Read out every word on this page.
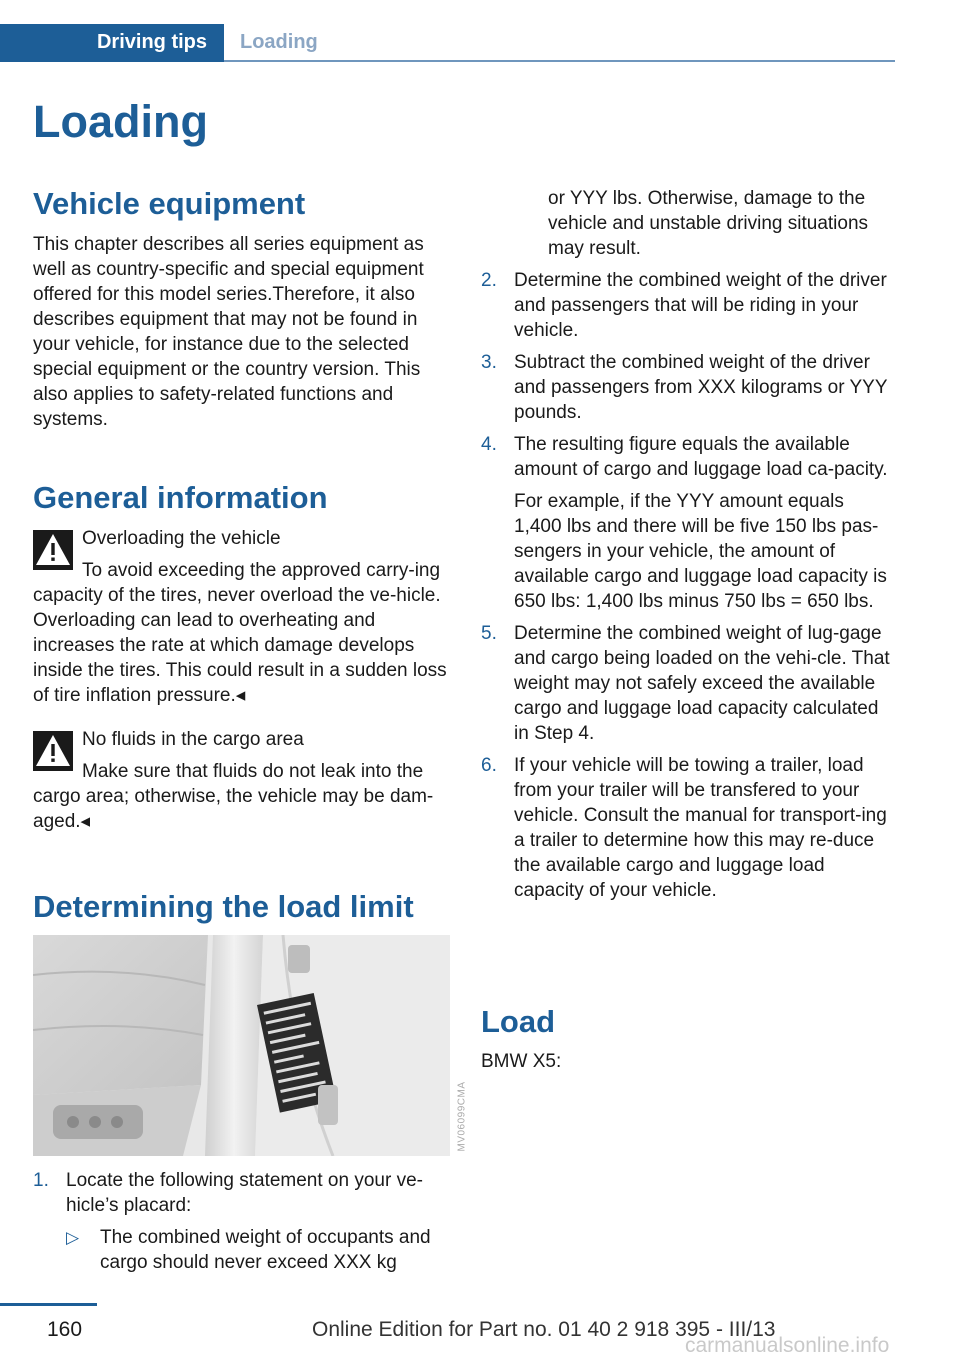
Driving tips Loading
Loading
Vehicle equipment

This chapter describes all series equipment as well as country-specific and special equipment offered for this model series.Therefore, it also describes equipment that may not be found in your vehicle, for instance due to the selected special equipment or the country version. This also applies to safety-related functions and systems.

General information
Overloading the vehicle

To avoid exceeding the approved carry-ing capacity of the tires, never overload the ve-hicle. Overloading can lead to overheating and increases the rate at which damage develops inside the tires. This could result in a sudden loss of tire inflation pressure.◂

No fluids in the cargo area

Make sure that fluids do not leak into the cargo area; otherwise, the vehicle may be dam-aged.◂

Determining the load limit
MV06099CMA
1. Locate the following statement on your ve-hicle’s placard:
▷ The combined weight of occupants and cargo should never exceed XXX kg

or YYY lbs. Otherwise, damage to the vehicle and unstable driving situations may result.

2. Determine the combined weight of the driver and passengers that will be riding in your vehicle.
3. Subtract the combined weight of the driver and passengers from XXX kilograms or YYY pounds.
4. The resulting figure equals the available amount of cargo and luggage load ca-pacity.
For example, if the YYY amount equals 1,400 lbs and there will be five 150 lbs pas-sengers in your vehicle, the amount of available cargo and luggage load capacity is 650 lbs: 1,400 lbs minus 750 lbs = 650 lbs.
5. Determine the combined weight of lug-gage and cargo being loaded on the vehi-cle. That weight may not safely exceed the available cargo and luggage load capacity calculated in Step 4.
6. If your vehicle will be towing a trailer, load from your trailer will be transfered to your vehicle. Consult the manual for transport-ing a trailer to determine how this may re-duce the available cargo and luggage load capacity of your vehicle.
Load

BMW X5:

160	Online Edition for Part no. 01 40 2 918 395 - III/13
carmanualsonline.info
